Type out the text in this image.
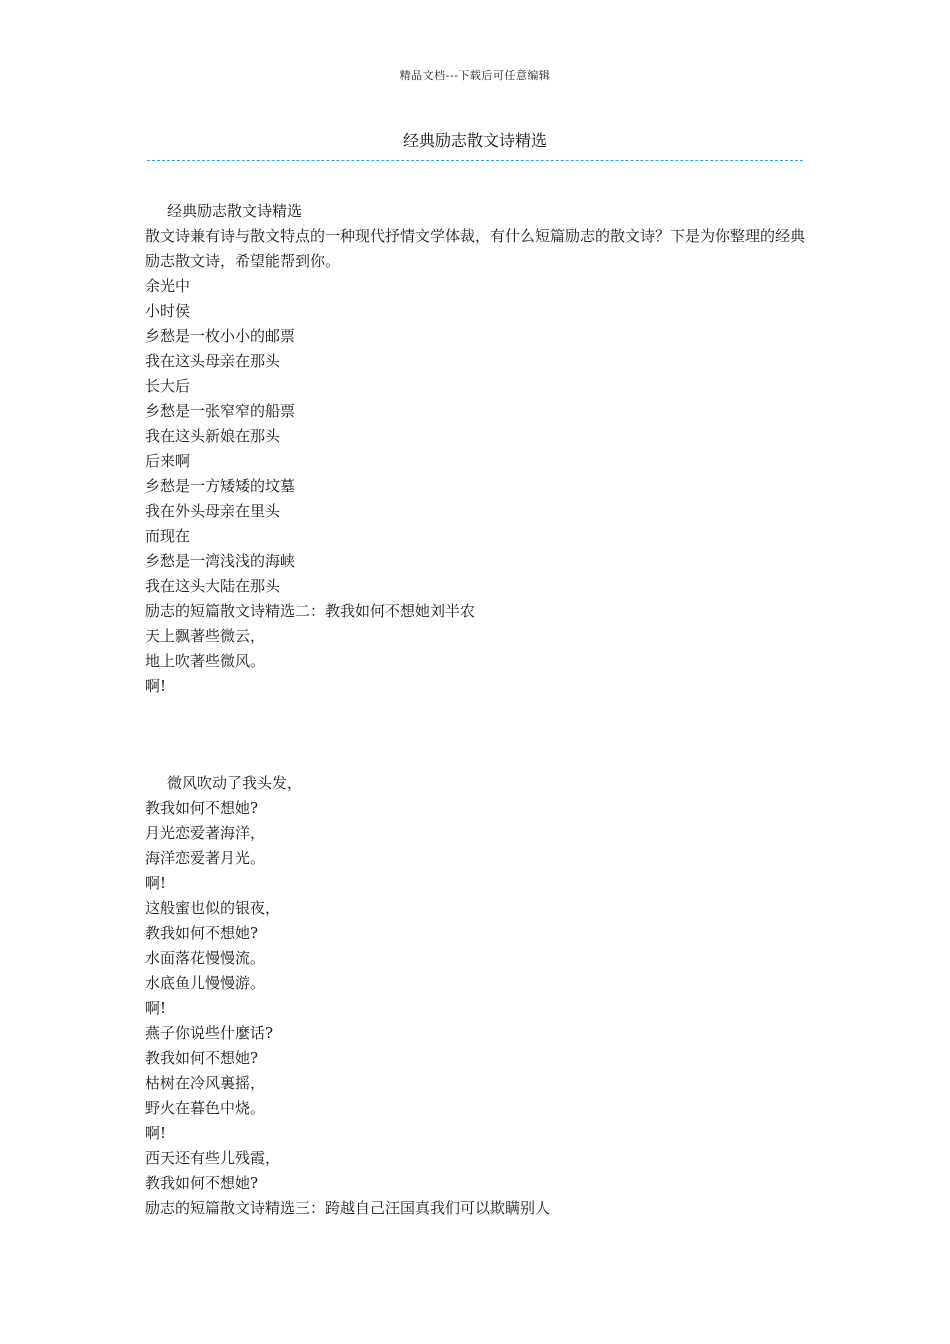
精品文档---下载后可任意编辑
经典励志散文诗精选
经典励志散文诗精选
散文诗兼有诗与散文特点的一种现代抒情文学体裁，有什么短篇励志的散文诗？下是为你整理的经典励志散文诗，希望能帮到你。
余光中
小时侯
乡愁是一枚小小的邮票
我在这头母亲在那头
长大后
乡愁是一张窄窄的船票
我在这头新娘在那头
后来啊
乡愁是一方矮矮的坟墓
我在外头母亲在里头
而现在
乡愁是一湾浅浅的海峡
我在这头大陆在那头
励志的短篇散文诗精选二：教我如何不想她刘半农
天上飘著些微云，
地上吹著些微风。
啊!
微风吹动了我头发，
教我如何不想她?
月光恋爱著海洋，
海洋恋爱著月光。
啊!
这般蜜也似的银夜，
教我如何不想她?
水面落花慢慢流。
水底鱼儿慢慢游。
啊!
燕子你说些什麼话?
教我如何不想她?
枯树在冷风裏摇，
野火在暮色中烧。
啊!
西天还有些儿残霞，
教我如何不想她?
励志的短篇散文诗精选三：跨越自己汪国真我们可以欺瞒别人
